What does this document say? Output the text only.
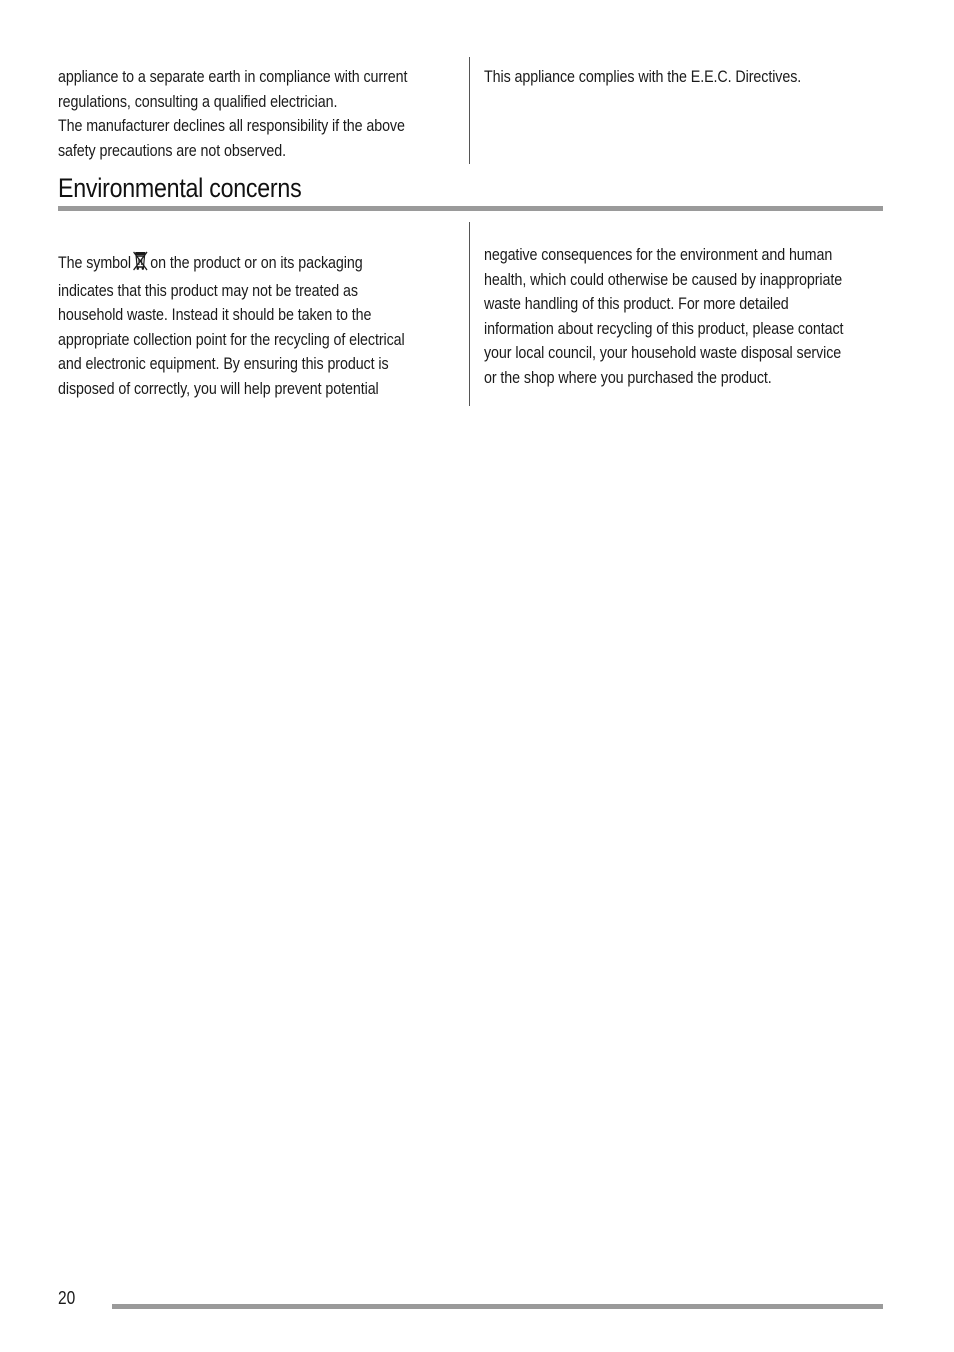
appliance to a separate earth in compliance with current
regulations, consulting a qualified electrician.
The manufacturer declines all responsibility if the above
safety precautions are not observed.
This appliance complies with the E.E.C. Directives.
Environmental concerns
The symbol on the product or on its packaging
indicates that this product may not be treated as
household waste. Instead it should be taken to the
appropriate collection point for the recycling of electrical
and electronic equipment. By ensuring this product is
disposed of correctly, you will help prevent potential
negative consequences for the environment and human
health, which could otherwise be caused by inappropriate
waste handling of this product. For more detailed
information about recycling of this product, please contact
your local council, your household waste disposal service
or the shop where you purchased the product.
20
